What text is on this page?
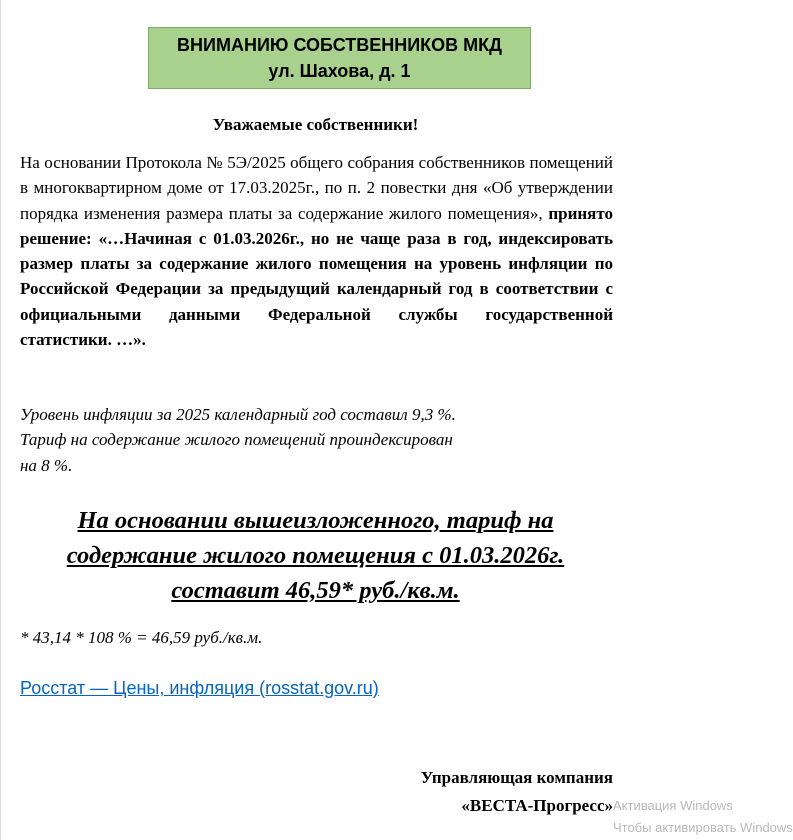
ВНИМАНИЮ СОБСТВЕННИКОВ МКД
ул. Шахова, д. 1
Уважаемые собственники!
На основании Протокола № 5Э/2025 общего собрания собственников помещений в многоквартирном доме от 17.03.2025г., по п. 2 повестки дня «Об утверждении порядка изменения размера платы за содержание жилого помещения», принято решение: «…Начиная с 01.03.2026г., но не чаще раза в год, индексировать размер платы за содержание жилого помещения на уровень инфляции по Российской Федерации за предыдущий календарный год в соответствии с официальными данными Федеральной службы государственной статистики. …».
Уровень инфляции за 2025 календарный год составил 9,3 %.
Тариф на содержание жилого помещений проиндексирован
на 8 %.
На основании вышеизложенного, тариф на
содержание жилого помещения с 01.03.2026г.
составит 46,59* руб./кв.м.
* 43,14 * 108 % = 46,59 руб./кв.м.
Росстат — Цены, инфляция (rosstat.gov.ru)
Управляющая компания
«ВЕСТА-Прогресс» Активация Windows
Чтобы активировать Windows
